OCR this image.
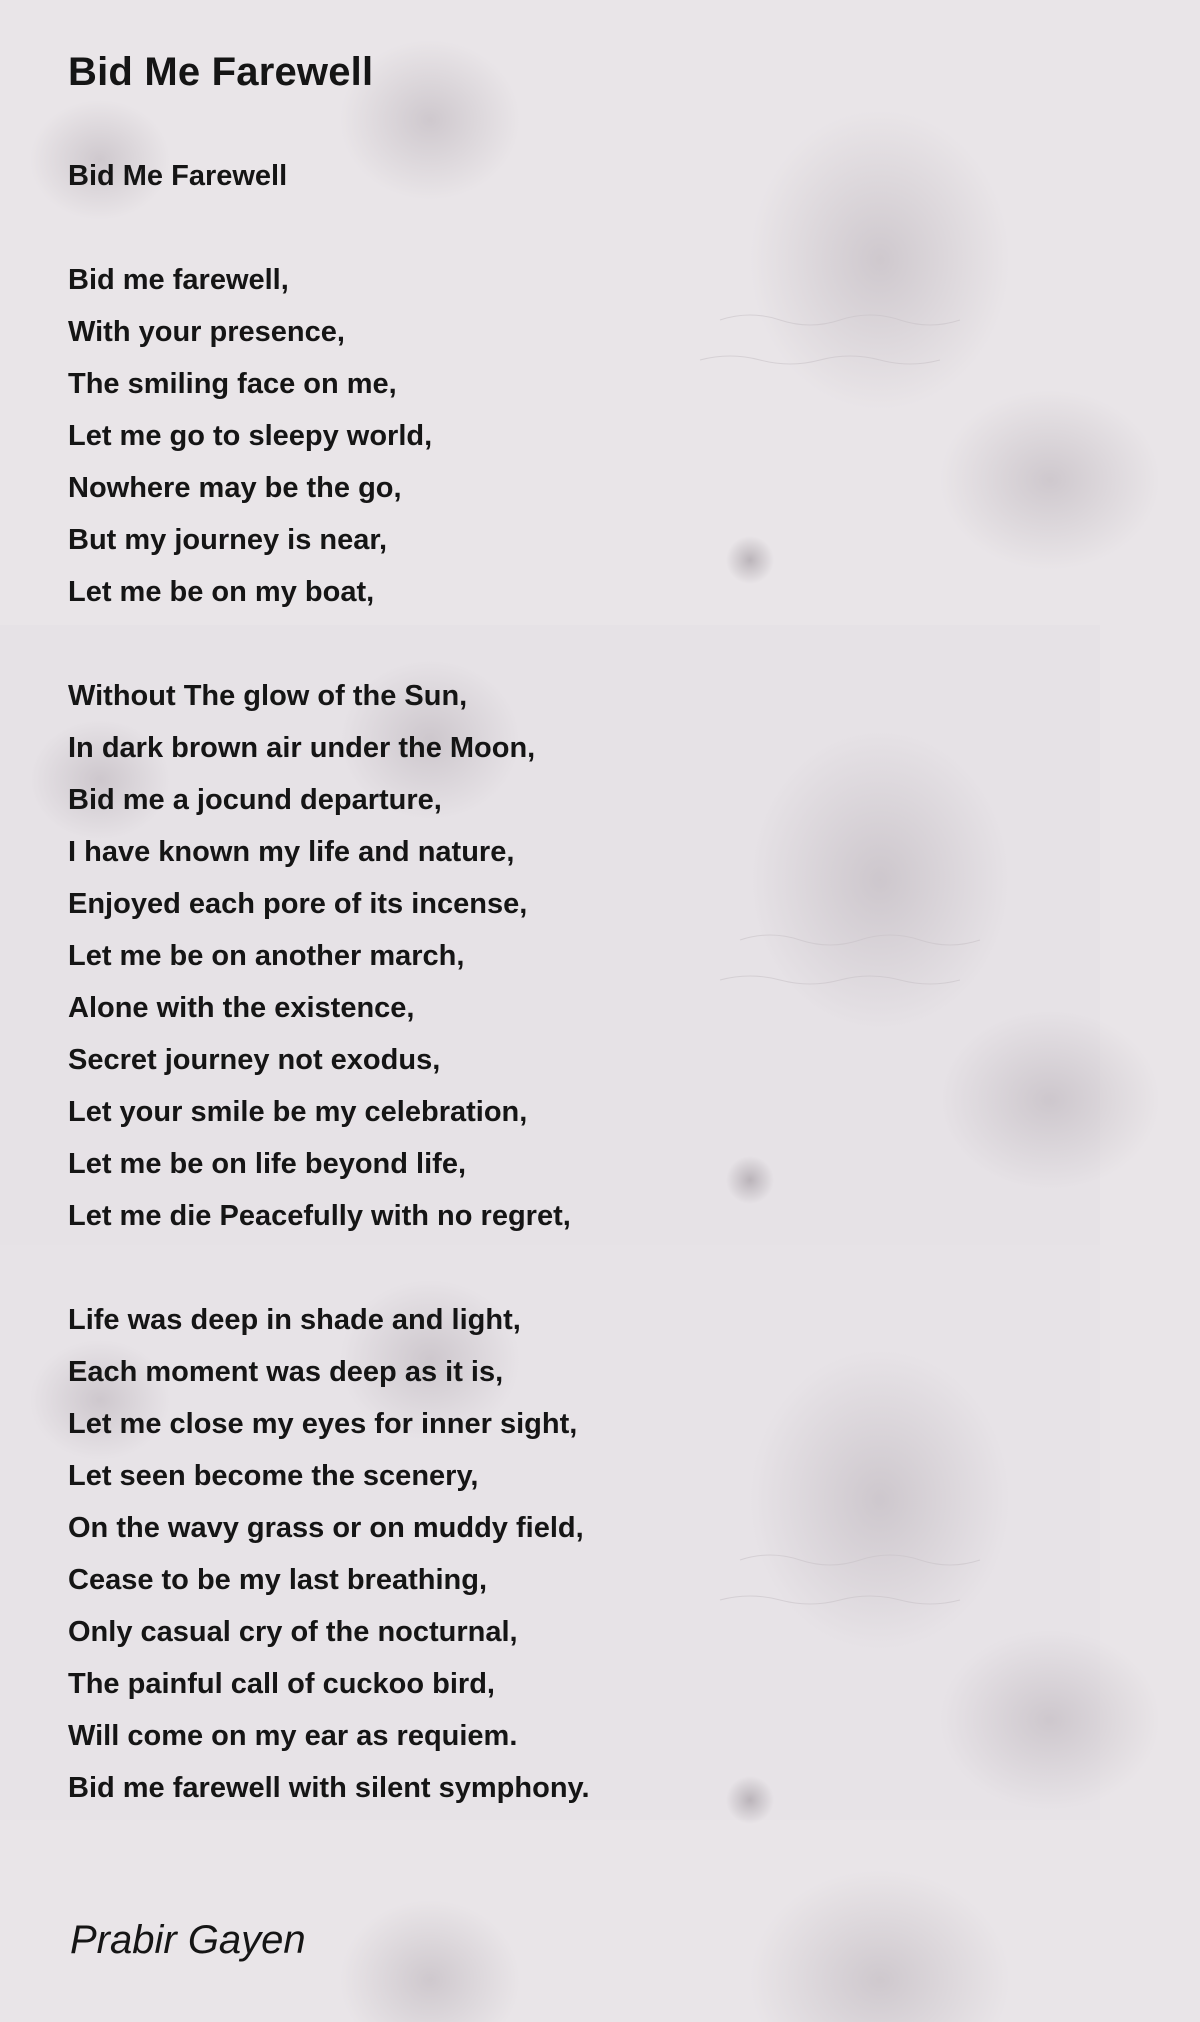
Bid Me Farewell
Bid Me Farewell
Bid me farewell,
With your presence,
The smiling face on me,
Let me go to sleepy world,
Nowhere may be the go,
But my journey is near,
Let me be on my boat,
Without The glow of the Sun,
In dark brown air under the Moon,
Bid me a jocund departure,
I have known my life and nature,
Enjoyed each pore of its incense,
Let me be on another march,
Alone with the existence,
Secret journey not exodus,
Let your smile be my celebration,
Let me be on life beyond life,
Let me die Peacefully with no regret,
Life was deep in shade and light,
Each moment was deep as it is,
Let me close my eyes for inner sight,
Let seen become the scenery,
On the wavy grass or on muddy field,
Cease to be my last breathing,
Only casual cry of the nocturnal,
The painful call of cuckoo bird,
Will come on my ear as requiem.
Bid me farewell with silent symphony.
Prabir Gayen
